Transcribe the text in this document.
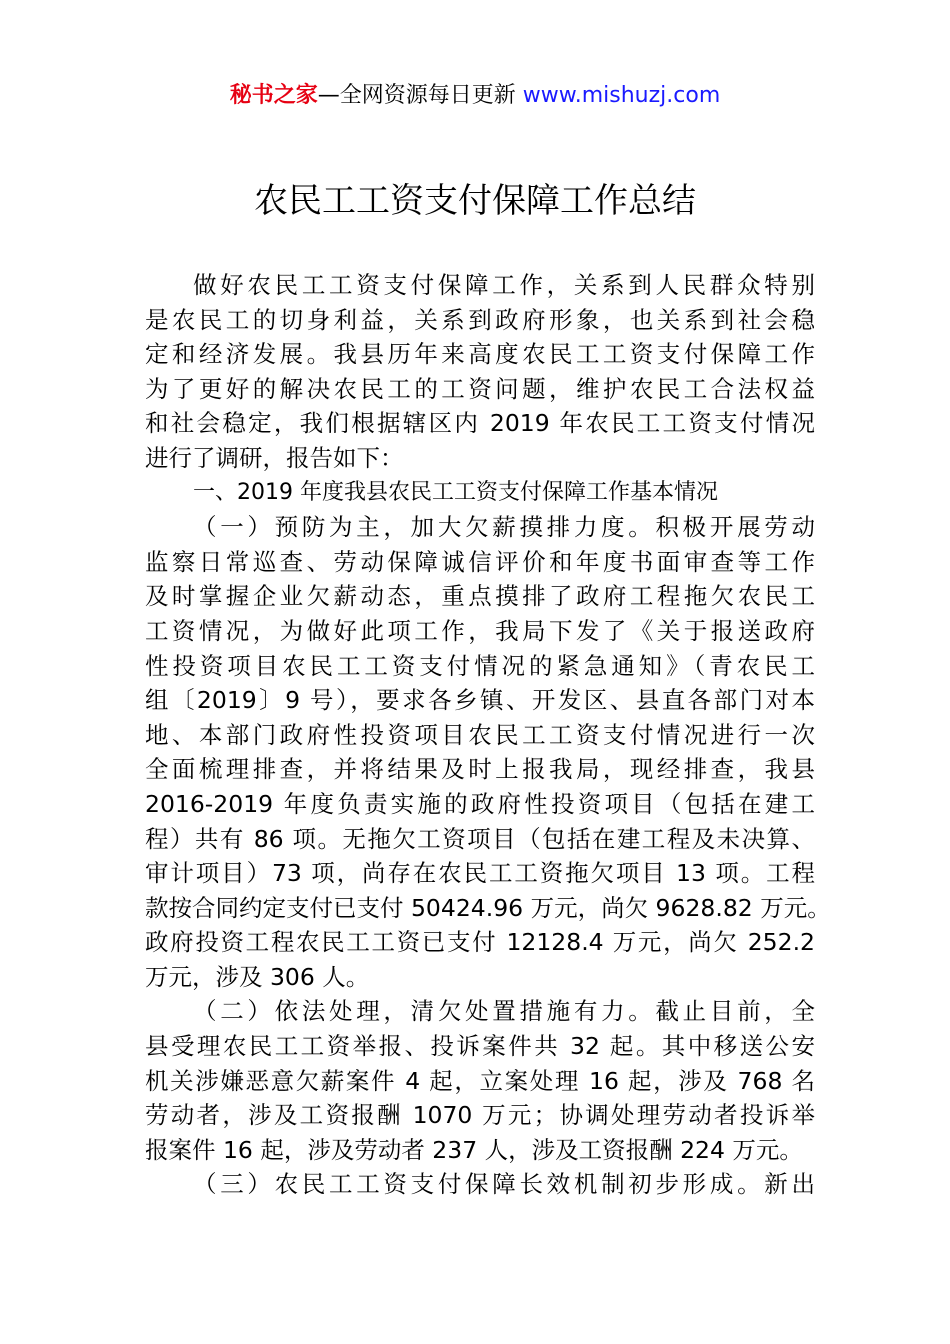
秘书之家—全网资源每日更新 www.mishuzj.com
农民工工资支付保障工作总结
做好农民工工资支付保障工作，关系到人民群众特别
是农民工的切身利益，关系到政府形象，也关系到社会稳
定和经济发展。我县历年来高度农民工工资支付保障工作
为了更好的解决农民工的工资问题，维护农民工合法权益
和社会稳定，我们根据辖区内 2019 年农民工工资支付情况
进行了调研，报告如下：
一、2019 年度我县农民工工资支付保障工作基本情况
（一）预防为主，加大欠薪摸排力度。积极开展劳动
监察日常巡查、劳动保障诚信评价和年度书面审查等工作
及时掌握企业欠薪动态，重点摸排了政府工程拖欠农民工
工资情况，为做好此项工作，我局下发了《关于报送政府
性投资项目农民工工资支付情况的紧急通知》（青农民工
组〔2019〕9 号），要求各乡镇、开发区、县直各部门对本
地、本部门政府性投资项目农民工工资支付情况进行一次
全面梳理排查，并将结果及时上报我局，现经排查，我县
2016-2019 年度负责实施的政府性投资项目（包括在建工
程）共有 86 项。无拖欠工资项目（包括在建工程及未决算、
审计项目）73 项，尚存在农民工工资拖欠项目 13 项。工程
款按合同约定支付已支付 50424.96 万元，尚欠 9628.82 万元。
政府投资工程农民工工资已支付 12128.4 万元，尚欠 252.2
万元，涉及 306 人。
（二）依法处理，清欠处置措施有力。截止目前，全
县受理农民工工资举报、投诉案件共 32 起。其中移送公安
机关涉嫌恶意欠薪案件 4 起，立案处理 16 起，涉及 768 名
劳动者，涉及工资报酬 1070 万元；协调处理劳动者投诉举
报案件 16 起，涉及劳动者 237 人，涉及工资报酬 224 万元。
（三）农民工工资支付保障长效机制初步形成。新出
